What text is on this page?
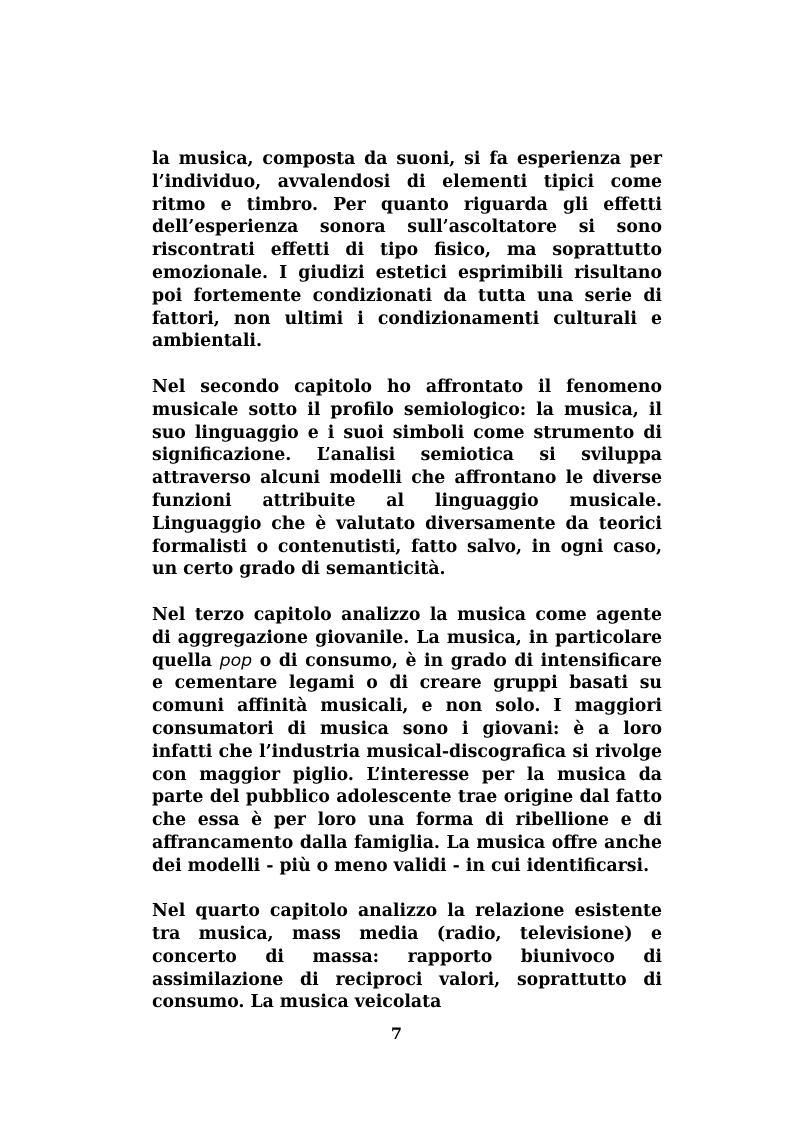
la musica, composta da suoni, si fa esperienza per l’individuo, avvalendosi di elementi tipici come ritmo e timbro. Per quanto riguarda gli effetti dell’esperienza sonora sull’ascoltatore si sono riscontrati effetti di tipo fisico, ma soprattutto emozionale. I giudizi estetici esprimibili risultano poi fortemente condizionati da tutta una serie di fattori, non ultimi i condizionamenti culturali e ambientali.

Nel secondo capitolo ho affrontato il fenomeno musicale sotto il profilo semiologico: la musica, il suo linguaggio e i suoi simboli come strumento di significazione. L’analisi semiotica si sviluppa attraverso alcuni modelli che affrontano le diverse funzioni attribuite al linguaggio musicale. Linguaggio che è valutato diversamente da teorici formalisti o contenutisti, fatto salvo, in ogni caso, un certo grado di semanticità.

Nel terzo capitolo analizzo la musica come agente di aggregazione giovanile. La musica, in particolare quella pop o di consumo, è in grado di intensificare e cementare legami o di creare gruppi basati su comuni affinità musicali, e non solo. I maggiori consumatori di musica sono i giovani: è a loro infatti che l’industria musical-discografica si rivolge con maggior piglio. L’interesse per la musica da parte del pubblico adolescente trae origine dal fatto che essa è per loro una forma di ribellione e di affrancamento dalla famiglia. La musica offre anche dei modelli - più o meno validi - in cui identificarsi.

Nel quarto capitolo analizzo la relazione esistente tra musica, mass media (radio, televisione) e concerto di massa: rapporto biunivoco di assimilazione di reciproci valori, soprattutto di consumo. La musica veicolata

7
